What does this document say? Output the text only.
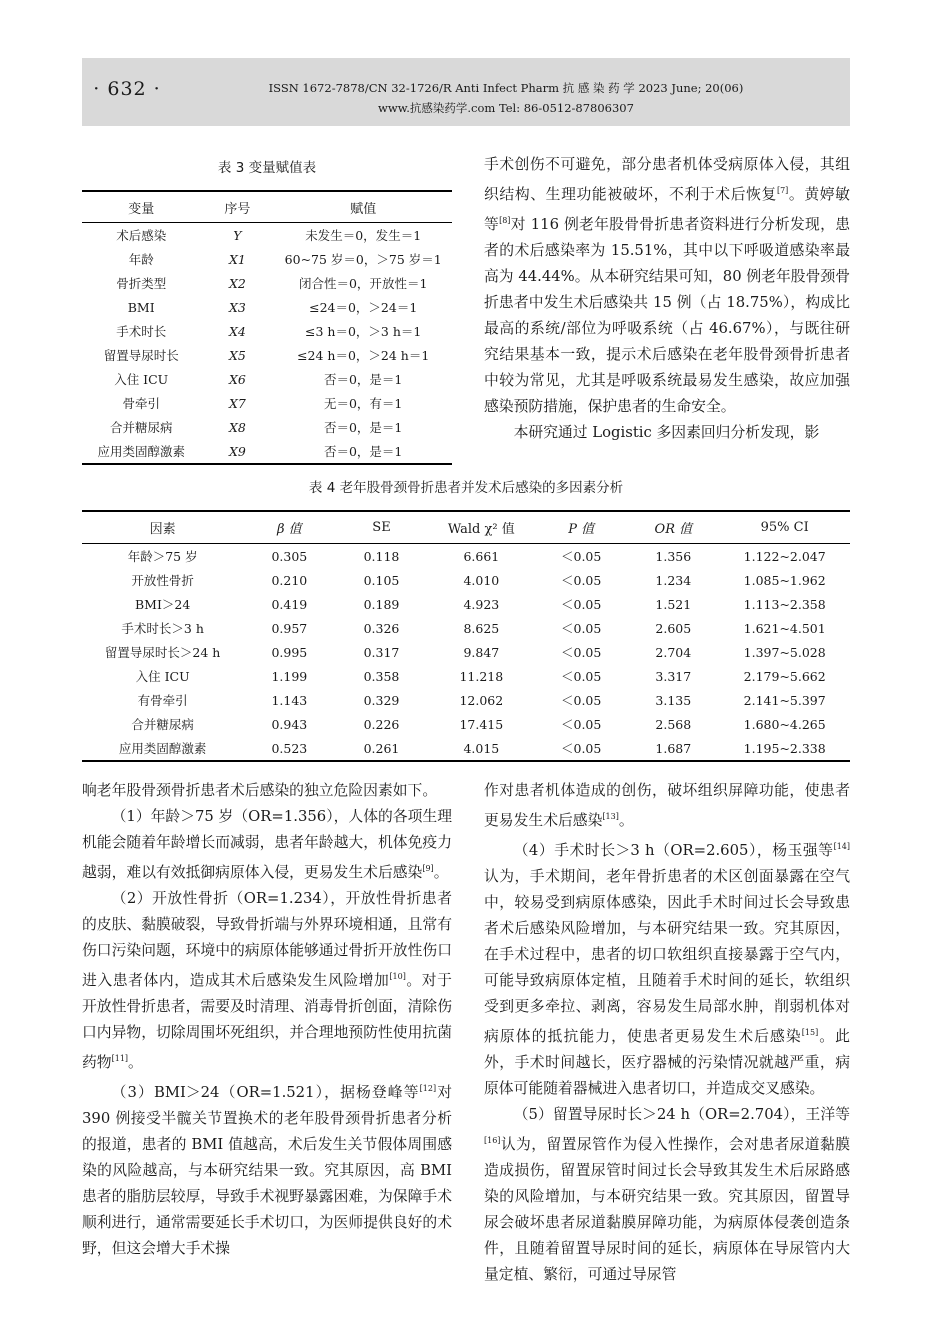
· 632 ·	ISSN 1672-7878/CN 32-1726/R Anti Infect Pharm 抗 感 染 药 学 2023 June; 20(06)
www.抗感染药学.com Tel: 86-0512-87806307
表 3 变量赋值表
变量	序号	赋值
术后感染	Y	未发生＝0，发生＝1
年龄	X1	60~75 岁＝0，＞75 岁＝1
骨折类型	X2	闭合性＝0，开放性＝1
BMI	X3	≤24＝0，＞24＝1
手术时长	X4	≤3 h＝0，＞3 h＝1
留置导尿时长	X5	≤24 h＝0，＞24 h＝1
入住 ICU	X6	否＝0，是＝1
骨牵引	X7	无＝0，有＝1
合并糖尿病	X8	否＝0，是＝1
应用类固醇激素	X9	否＝0，是＝1

手术创伤不可避免，部分患者机体受病原体入侵，其组织结构、生理功能被破坏，不利于术后恢复[7]。黄婷敏等[8]对 116 例老年股骨骨折患者资料进行分析发现，患者的术后感染率为 15.51%，其中以下呼吸道感染率最高为 44.44%。从本研究结果可知，80 例老年股骨颈骨折患者中发生术后感染共 15 例（占 18.75%），构成比最高的系统/部位为呼吸系统（占 46.67%），与既往研究结果基本一致，提示术后感染在老年股骨颈骨折患者中较为常见，尤其是呼吸系统最易发生感染，故应加强感染预防措施，保护患者的生命安全。

本研究通过 Logistic 多因素回归分析发现，影

表 4 老年股骨颈骨折患者并发术后感染的多因素分析
因素	β 值	SE	Wald χ² 值	P 值	OR 值	95% CI
年龄＞75 岁	0.305	0.118	6.661	＜0.05	1.356	1.122~2.047
开放性骨折	0.210	0.105	4.010	＜0.05	1.234	1.085~1.962
BMI＞24	0.419	0.189	4.923	＜0.05	1.521	1.113~2.358
手术时长＞3 h	0.957	0.326	8.625	＜0.05	2.605	1.621~4.501
留置导尿时长＞24 h	0.995	0.317	9.847	＜0.05	2.704	1.397~5.028
入住 ICU	1.199	0.358	11.218	＜0.05	3.317	2.179~5.662
有骨牵引	1.143	0.329	12.062	＜0.05	3.135	2.141~5.397
合并糖尿病	0.943	0.226	17.415	＜0.05	2.568	1.680~4.265
应用类固醇激素	0.523	0.261	4.015	＜0.05	1.687	1.195~2.338

响老年股骨颈骨折患者术后感染的独立危险因素如下。

（1）年龄＞75 岁（OR=1.356），人体的各项生理机能会随着年龄增长而减弱，患者年龄越大，机体免疫力越弱，难以有效抵御病原体入侵，更易发生术后感染[9]。

（2）开放性骨折（OR=1.234），开放性骨折患者的皮肤、黏膜破裂，导致骨折端与外界环境相通，且常有伤口污染问题，环境中的病原体能够通过骨折开放性伤口进入患者体内，造成其术后感染发生风险增加[10]。对于开放性骨折患者，需要及时清理、消毒骨折创面，清除伤口内异物，切除周围坏死组织，并合理地预防性使用抗菌药物[11]。

（3）BMI＞24（OR=1.521），据杨登峰等[12]对 390 例接受半髋关节置换术的老年股骨颈骨折患者分析的报道，患者的 BMI 值越高，术后发生关节假体周围感染的风险越高，与本研究结果一致。究其原因，高 BMI 患者的脂肪层较厚，导致手术视野暴露困难，为保障手术顺利进行，通常需要延长手术切口，为医师提供良好的术野，但这会增大手术操

作对患者机体造成的创伤，破坏组织屏障功能，使患者更易发生术后感染[13]。

（4）手术时长＞3 h（OR=2.605），杨玉强等[14]认为，手术期间，老年骨折患者的术区创面暴露在空气中，较易受到病原体感染，因此手术时间过长会导致患者术后感染风险增加，与本研究结果一致。究其原因，在手术过程中，患者的切口软组织直接暴露于空气内，可能导致病原体定植，且随着手术时间的延长，软组织受到更多牵拉、剥离，容易发生局部水肿，削弱机体对病原体的抵抗能力，使患者更易发生术后感染[15]。此外，手术时间越长，医疗器械的污染情况就越严重，病原体可能随着器械进入患者切口，并造成交叉感染。

（5）留置导尿时长＞24 h（OR=2.704），王洋等[16]认为，留置尿管作为侵入性操作，会对患者尿道黏膜造成损伤，留置尿管时间过长会导致其发生术后尿路感染的风险增加，与本研究结果一致。究其原因，留置导尿会破坏患者尿道黏膜屏障功能，为病原体侵袭创造条件，且随着留置导尿时间的延长，病原体在导尿管内大量定植、繁衍，可通过导尿管
